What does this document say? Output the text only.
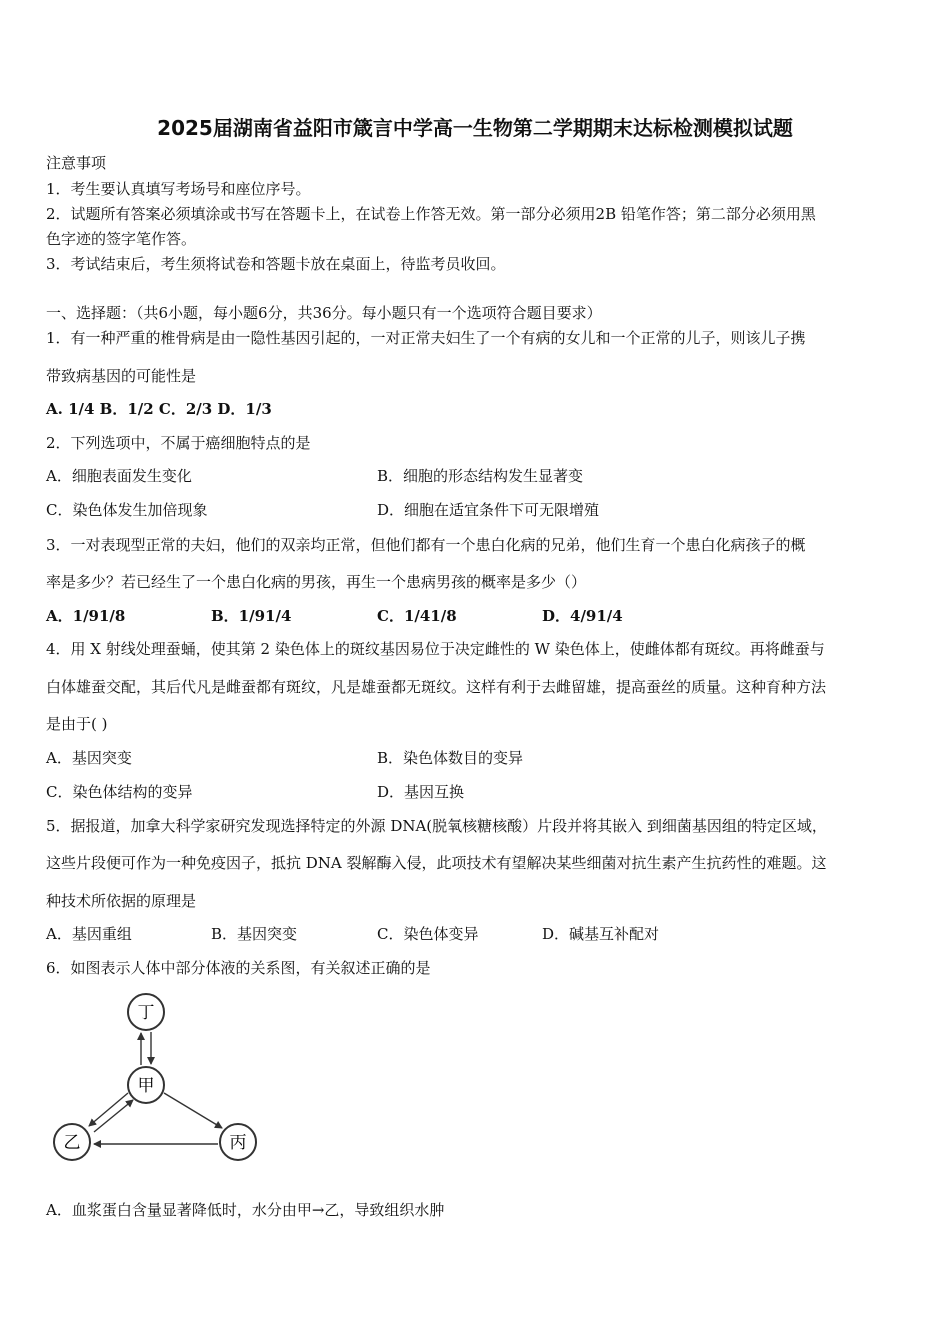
2025届湖南省益阳市箴言中学高一生物第二学期期末达标检测模拟试题
注意事项
1．考生要认真填写考场号和座位序号。
2．试题所有答案必须填涂或书写在答题卡上，在试卷上作答无效。第一部分必须用2B 铅笔作答；第二部分必须用黑
色字迹的签字笔作答。
3．考试结束后，考生须将试卷和答题卡放在桌面上，待监考员收回。
一、选择题：（共6小题，每小题6分，共36分。每小题只有一个选项符合题目要求）
1．有一种严重的椎骨病是由一隐性基因引起的，一对正常夫妇生了一个有病的女儿和一个正常的儿子，则该儿子携
带致病基因的可能性是
A. 1/4 B．1/2 C．2/3 D．1/3
2．下列选项中，不属于癌细胞特点的是
A．细胞表面发生变化	B．细胞的形态结构发生显著变
C．染色体发生加倍现象	D．细胞在适宜条件下可无限增殖
3．一对表现型正常的夫妇，他们的双亲均正常，但他们都有一个患白化病的兄弟，他们生育一个患白化病孩子的概
率是多少？若已经生了一个患白化病的男孩，再生一个患病男孩的概率是多少（）
A．1/91/8	B．1/91/4	C．1/41/8	D．4/91/4
4．用 X 射线处理蚕蛹，使其第 2 染色体上的斑纹基因易位于决定雌性的 W 染色体上，使雌体都有斑纹。再将雌蚕与
白体雄蚕交配，其后代凡是雌蚕都有斑纹，凡是雄蚕都无斑纹。这样有利于去雌留雄，提高蚕丝的质量。这种育种方法
是由于( )
A．基因突变	B．染色体数目的变异
C．染色体结构的变异	D．基因互换
5．据报道，加拿大科学家研究发现选择特定的外源 DNA(脱氧核糖核酸）片段并将其嵌入 到细菌基因组的特定区域，
这些片段便可作为一种免疫因子，抵抗 DNA 裂解酶入侵，此项技术有望解决某些细菌对抗生素产生抗药性的难题。这
种技术所依据的原理是
A．基因重组	B．基因突变	C．染色体变异	D．碱基互补配对
6．如图表示人体中部分体液的关系图，有关叙述正确的是
丁
甲
乙	丙
A．血浆蛋白含量显著降低时，水分由甲→乙，导致组织水肿
